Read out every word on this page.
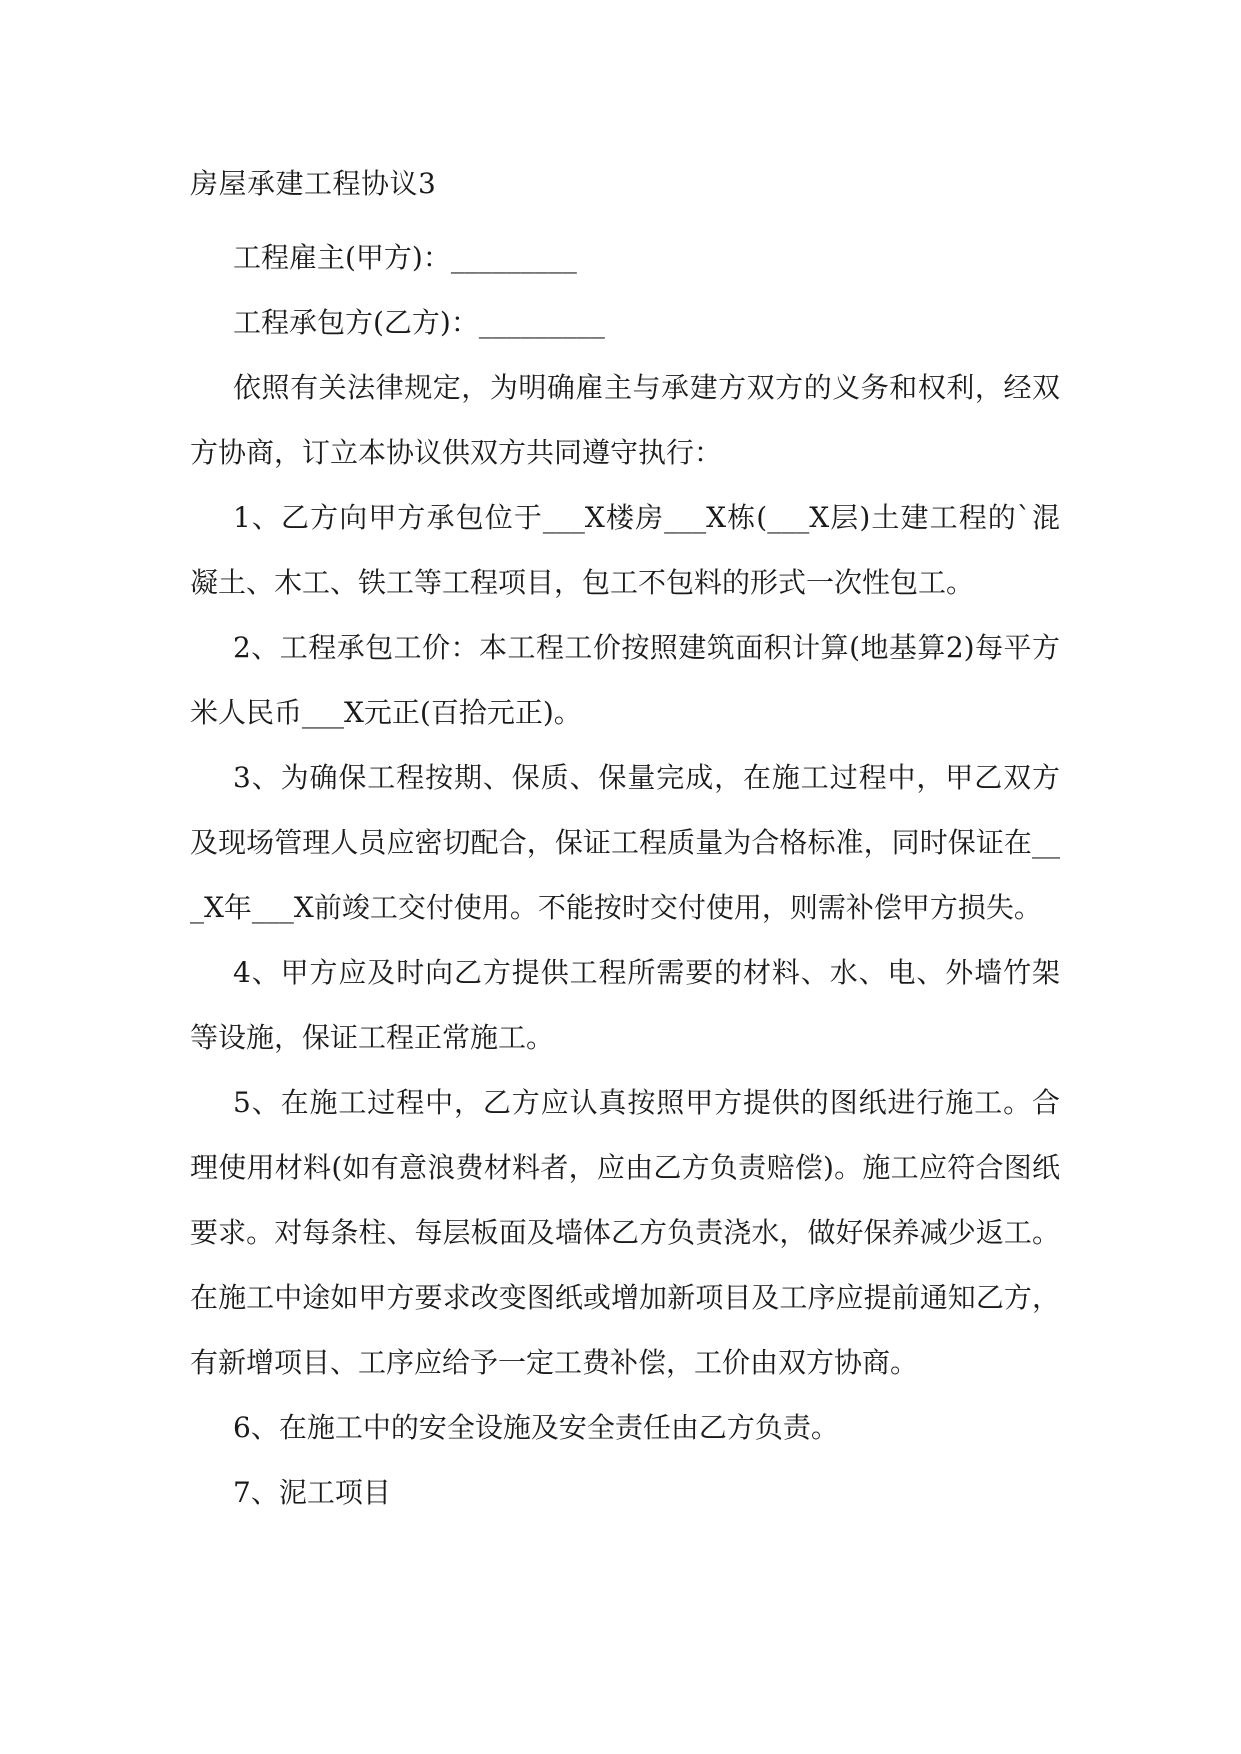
房屋承建工程协议3

工程雇主(甲方)：_________

工程承包方(乙方)：_________

依照有关法律规定，为明确雇主与承建方双方的义务和权利，经双方协商，订立本协议供双方共同遵守执行：

1、乙方向甲方承包位于___X楼房___X栋(___X层)土建工程的`混凝土、木工、铁工等工程项目，包工不包料的形式一次性包工。

2、工程承包工价：本工程工价按照建筑面积计算(地基算2)每平方米人民币___X元正(百拾元正)。

3、为确保工程按期、保质、保量完成，在施工过程中，甲乙双方及现场管理人员应密切配合，保证工程质量为合格标准，同时保证在___X年___X前竣工交付使用。不能按时交付使用，则需补偿甲方损失。

4、甲方应及时向乙方提供工程所需要的材料、水、电、外墙竹架等设施，保证工程正常施工。

5、在施工过程中，乙方应认真按照甲方提供的图纸进行施工。合理使用材料(如有意浪费材料者，应由乙方负责赔偿)。施工应符合图纸要求。对每条柱、每层板面及墙体乙方负责浇水，做好保养减少返工。在施工中途如甲方要求改变图纸或增加新项目及工序应提前通知乙方，有新增项目、工序应给予一定工费补偿，工价由双方协商。

6、在施工中的安全设施及安全责任由乙方负责。

7、泥工项目
